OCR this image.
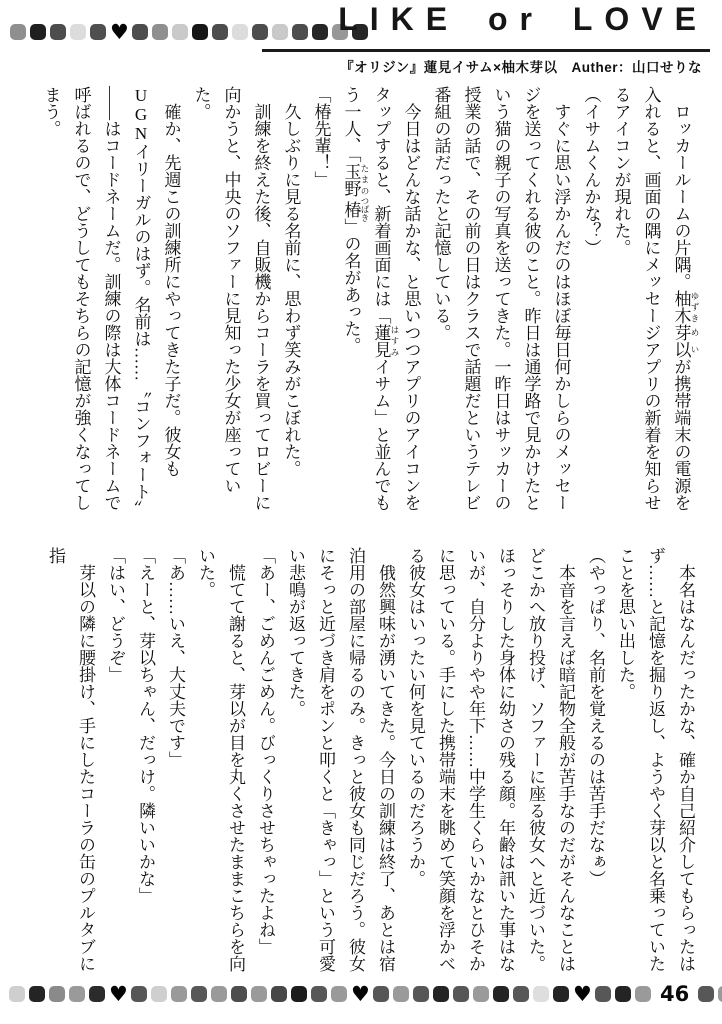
♥	LIKE or LOVE
『オリジン』蓮見イサム×柚木芽以　Auther：山口せりな

　ロッカールームの片隅。柚木 ゆずき芽以 めいが携帯端末の電源を入れると、画面の隅にメッセージアプリの新着を知らせるアイコンが現れた。

（イサムくんかな？）

　すぐに思い浮かんだのはほぼ毎日何かしらのメッセージを送ってくれる彼のこと。昨日は通学路で見かけたという猫の親子の写真を送ってきた。一昨日はサッカーの授業の話で、その前の日はクラスで話題だというテレビ番組の話だったと記憶している。

　今日はどんな話かな、と思いつつアプリのアイコンをタップすると、新着画面には「蓮見 はすみイサム」と並んでもう一人、「玉野 たまの椿 つばき」の名があった。

「椿先輩！」

　久しぶりに見る名前に、思わず笑みがこぼれた。

　訓練を終えた後、自販機からコーラを買ってロビーに向かうと、中央のソファーに見知った少女が座っていた。

　確か、先週この訓練所にやってきた子だ。彼女もUGNイリーガルのはず。名前は……〝コンフォート〟――はコードネームだ。訓練の際は大体コードネームで呼ばれるので、どうしてもそちらの記憶が強くなってしまう。

　本名はなんだったかな、確か自己紹介してもらったはず……と記憶を掘り返し、ようやく芽以と名乗っていたことを思い出した。

（やっぱり、名前を覚えるのは苦手だなぁ）

　本音を言えば暗記物全般が苦手なのだがそんなことはどこかへ放り投げ、ソファーに座る彼女へと近づいた。ほっそりした身体に幼さの残る顔。年齢は訊いた事はないが、自分よりやや年下……中学生くらいかなとひそかに思っている。手にした携帯端末を眺めて笑顔を浮かべる彼女はいったい何を見ているのだろうか。

　俄然興味が湧いてきた。今日の訓練は終了、あとは宿泊用の部屋に帰るのみ。きっと彼女も同じだろう。彼女にそっと近づき肩をポンと叩くと「きゃっ」という可愛い悲鳴が返ってきた。

「あー、ごめんごめん。びっくりさせちゃったよね」

　慌てて謝ると、芽以が目を丸くさせたままこちらを向いた。

「あ……いえ、大丈夫です」

「えーと、芽以ちゃん、だっけ。隣いいかな」

「はい、どうぞ」

　芽以の隣に腰掛け、手にしたコーラの缶のプルタブに指

♥	♥	♥	46
